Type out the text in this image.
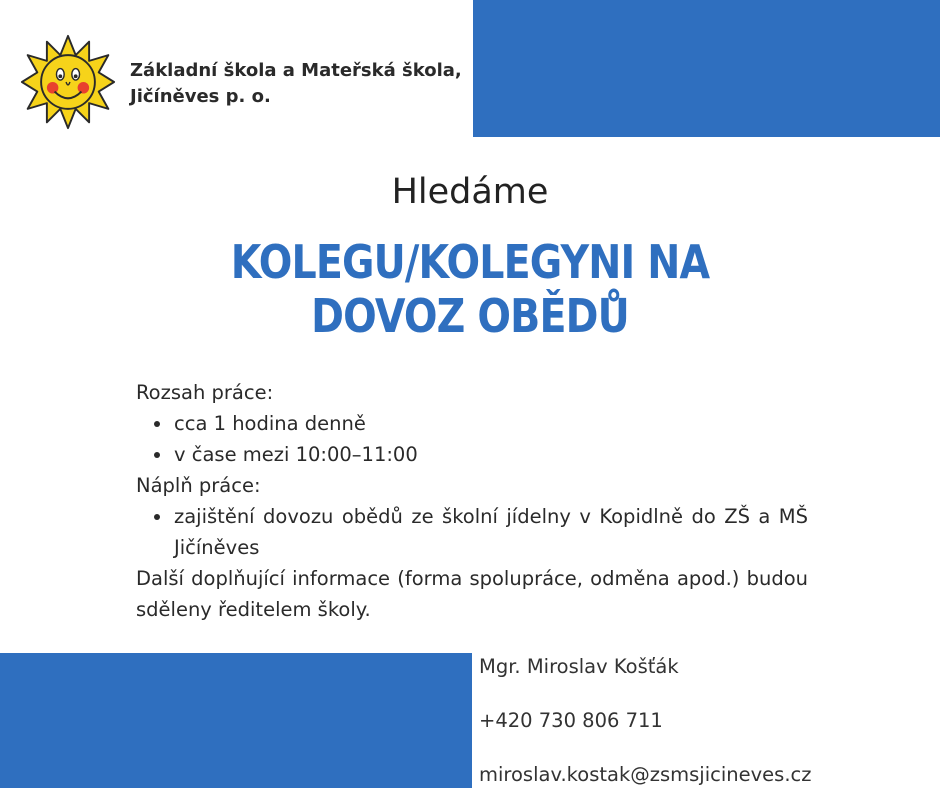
Základní škola a Mateřská škola,
Jičíněves p. o.
Hledáme
KOLEGU/KOLEGYNI NA
DOVOZ OBĚDŮ
Rozsah práce:
cca 1 hodina denně
v čase mezi 10:00–11:00
Náplň práce:
zajištění dovozu obědů ze školní jídelny v Kopidlně do ZŠ a MŠ Jičíněves
Další doplňující informace (forma spolupráce, odměna apod.) budou sděleny ředitelem školy.
Mgr. Miroslav Košťák
+420 730 806 711
miroslav.kostak@zsmsjicineves.cz
